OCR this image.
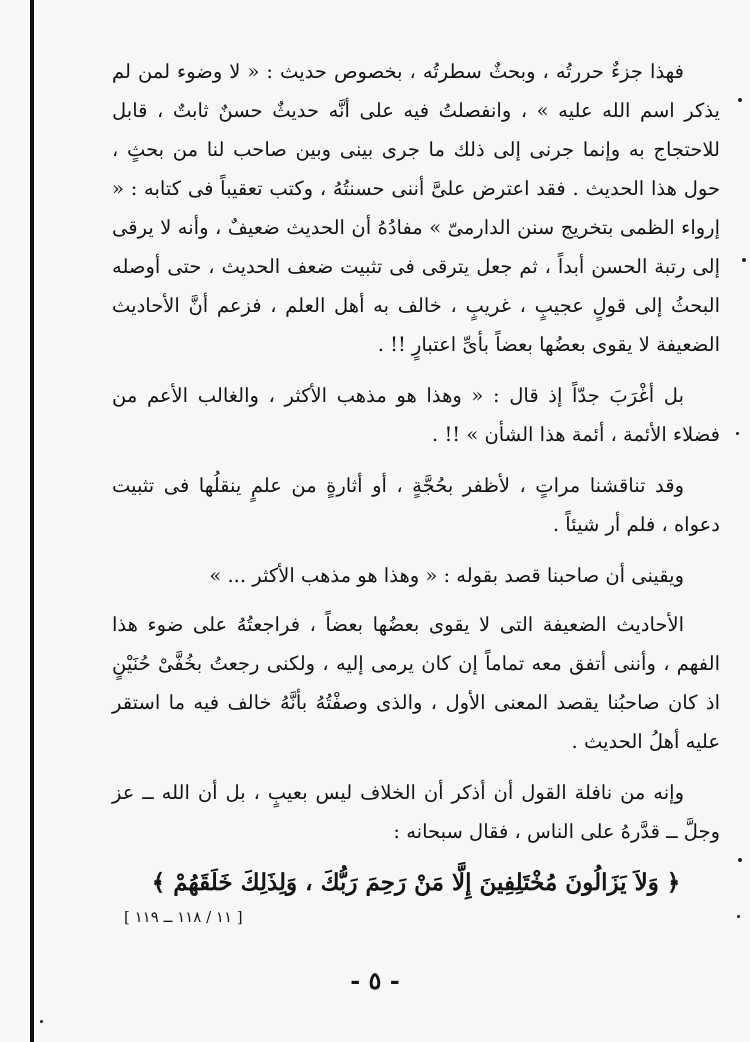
فهذا جزءٌ حررتُه ، وبحثٌ سطرتُه ، بخصوص حديث : « لا وضوء لمن لم يذكر اسم الله عليه » ، وانفصلتُ فيه على أنَّه حديثٌ حسنٌ ثابتٌ ، قابل للاحتجاج به وإنما جرنى إلى ذلك ما جرى بينى وبين صاحب لنا من بحثٍ ، حول هذا الحديث . فقد اعترض علىَّ أننى حسنتُهُ ، وكتب تعقيباً فى كتابه : « إرواء الظمى بتخريج سنن الدارمىّ » مفادُهُ أن الحديث ضعيفٌ ، وأنه لا يرقى إلى رتبة الحسن أبداً ، ثم جعل يترقى فى تثبيت ضعف الحديث ، حتى أوصله البحثُ إلى قولٍ عجيبٍ ، غريبٍ ، خالف به أهل العلم ، فزعم أنَّ الأحاديث الضعيفة لا يقوى بعضُها بعضاً بأىِّ اعتبارٍ !! .

بل أغْرَبَ جدّاً إذ قال : « وهذا هو مذهب الأكثر ، والغالب الأعم من فضلاء الأئمة ، أئمة هذا الشأن » !! .

وقد تناقشنا مراتٍ ، لأظفر بحُجَّةٍ ، أو أثارةٍ من علمٍ ينقلُها فى تثبيت دعواه ، فلم أر شيئاً .

ويقينى أن صاحبنا قصد بقوله : « وهذا هو مذهب الأكثر ... »

الأحاديث الضعيفة التى لا يقوى بعضُها بعضاً ، فراجعتُهُ على ضوء هذا الفهم ، وأننى أتفق معه تماماً إن كان يرمى إليه ، ولكنى رجعتُ بخُفَّىْ حُنَيْنٍ اذ كان صاحبُنا يقصد المعنى الأول ، والذى وصفْتُهُ بأنَّهُ خالف فيه ما استقر عليه أهلُ الحديث .

وإنه من نافلة القول أن أذكر أن الخلاف ليس بعيبٍ ، بل أن الله ــ عز وجلَّ ــ قدَّرهُ على الناس ، فقال سبحانه :

﴿ وَلاَ يَزَالُونَ مُخْتَلِفِينَ إِلَّا مَنْ رَحِمَ رَبُّكَ ، وَلِذَلِكَ خَلَقَهُمْ ﴾
[ ١١ / ١١٨ ــ ١١٩ ]
- ٥ -
